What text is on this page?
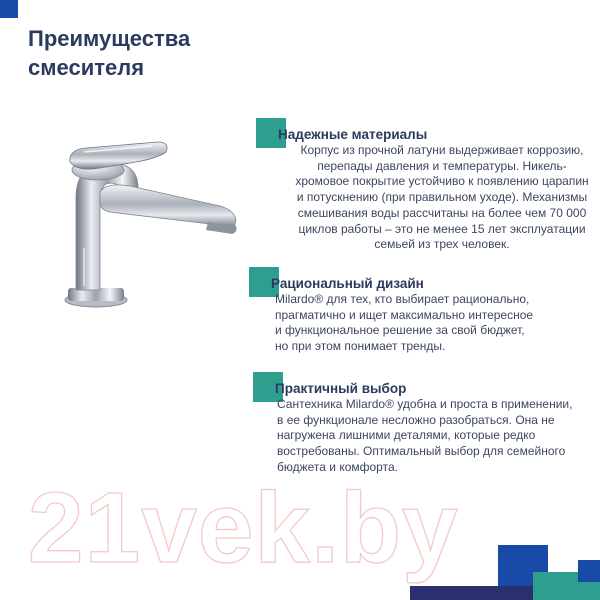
Преимущества
смесителя
Надежные материалы

Корпус из прочной латуни выдерживает коррозию,
перепады давления и температуры. Никель-
хромовое покрытие устойчиво к появлению царапин
и потускнению (при правильном уходе). Механизмы
смешивания воды рассчитаны на более чем 70 000
циклов работы – это не менее 15 лет эксплуатации
семьей из трех человек.

Рациональный дизайн

Milardo® для тех, кто выбирает рационально,
прагматично и ищет максимально интересное
и функциональное решение за свой бюджет,
но при этом понимает тренды.

Практичный выбор

Сантехника Milardo® удобна и проста в применении,
в ее функционале несложно разобраться. Она не
нагружена лишними деталями, которые редко
востребованы. Оптимальный выбор для семейного
бюджета и комфорта.

21vek.by
